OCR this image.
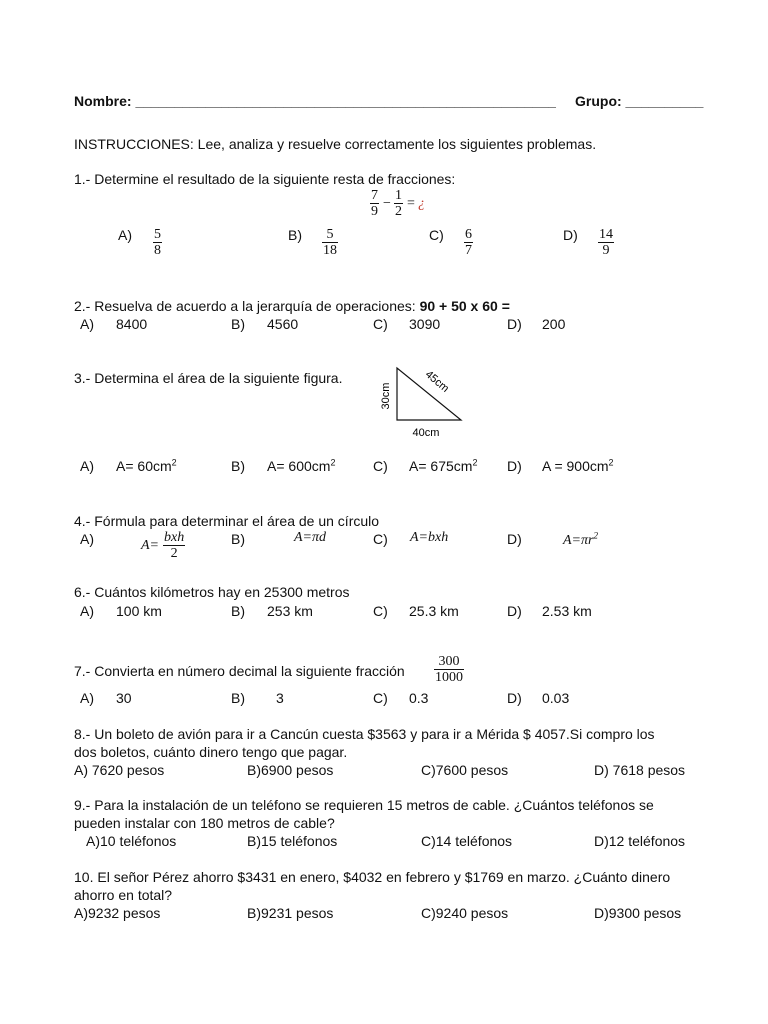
Nombre: ______________________________________________________ Grupo: __________
INSTRUCCIONES: Lee, analiza y resuelve correctamente los siguientes problemas.
1.- Determine el resultado de la siguiente resta de fracciones:
$\frac{7}{9} - \frac{1}{2}$ = ¿
$A) \frac{5}{8}$	$B) \frac{5}{18}$	$C) \frac{6}{7}$	$D) \frac{14}{9}$
2.- Resuelva de acuerdo a la jerarquía de operaciones: 90 + 50 x 60 =
A) 8400	B) 4560	C) 3090	D) 200
3.- Determina el área de la siguiente figura.
30cm
45cm
40cm
A) $A= 60cm^2$	B) $A= 600cm^2$	C) $A= 675cm^2$ D) $A = 900cm^2$
4.- Fórmula para determinar el área de un círculo
A)	A=
bxh
2
B)	A=πd	C) A=bxh	D)	$A=\pi r^2$
6.- Cuántos kilómetros hay en 25300 metros
A) 100 km	B) 253 km	C) 25.3 km	D) 2.53 km
7.- Convierta en número decimal la siguiente fracción $\frac{300}{1000}$
A) 30	B) 3	C) 0.3	D) 0.03
8.- Un boleto de avión para ir a Cancún cuesta $3563 y para ir a Mérida $ 4057.Si compro los
dos boletos, cuánto dinero tengo que pagar.
A) 7620 pesos	B)6900 pesos	C)7600 pesos	D) 7618 pesos
9.- Para la instalación de un teléfono se requieren 15 metros de cable. ¿Cuántos teléfonos se
pueden instalar con 180 metros de cable?
A)10 teléfonos	B)15 teléfonos	C)14 teléfonos	D)12 teléfonos
10. El señor Pérez ahorro $3431 en enero, $4032 en febrero y $1769 en marzo. ¿Cuánto dinero
ahorro en total?
A)9232 pesos	B)9231 pesos	C)9240 pesos	D)9300 pesos
